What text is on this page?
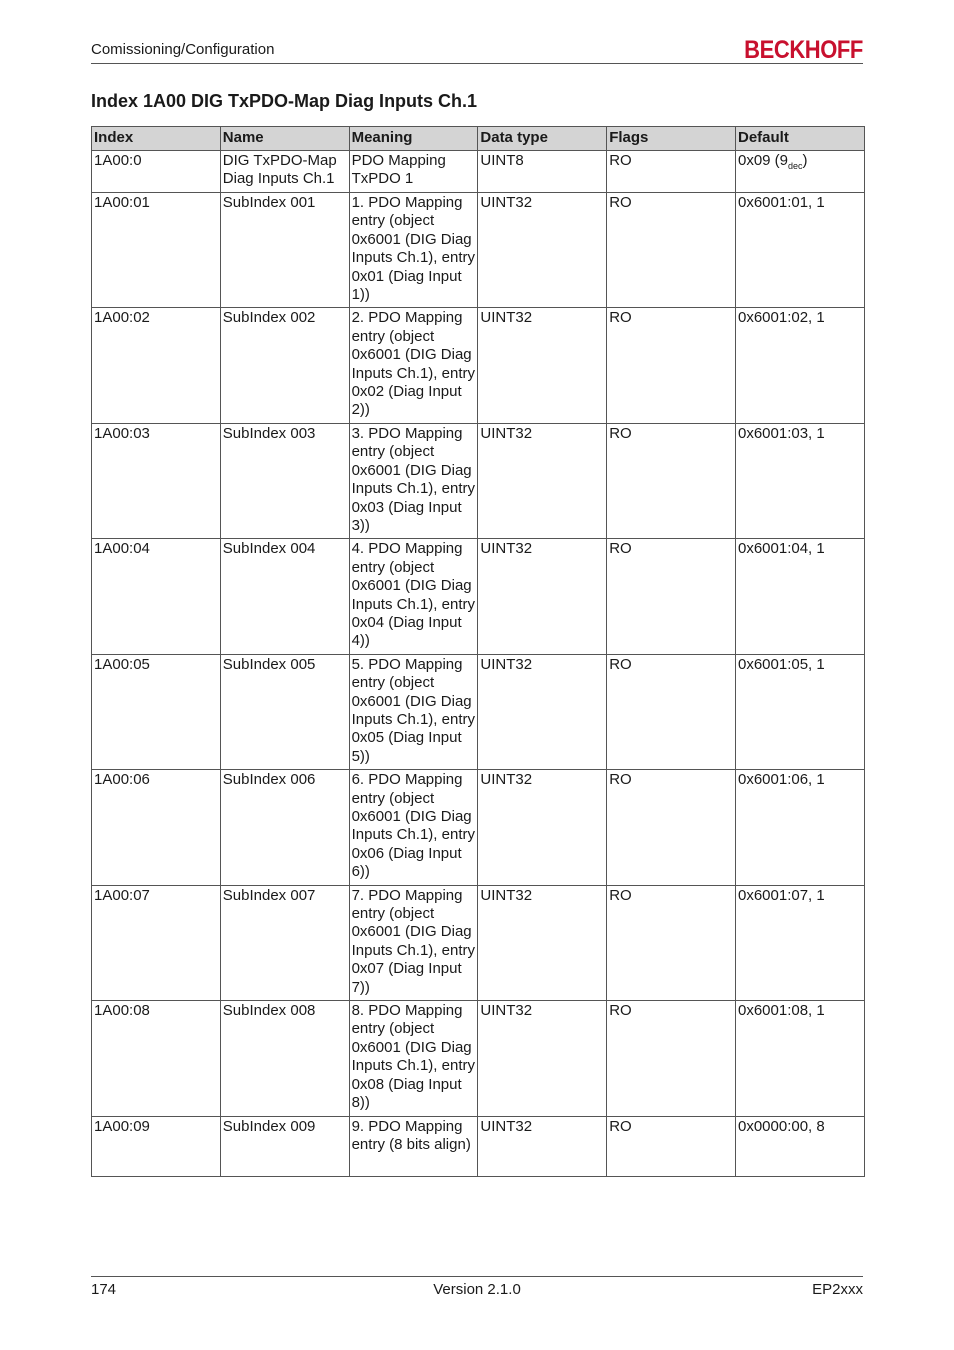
Comissioning/Configuration	BECKHOFF
Index 1A00 DIG TxPDO-Map Diag Inputs Ch.1
Index	Name	Meaning	Data type	Flags	Default
1A00:0	DIG TxPDO-Map Diag Inputs Ch.1	PDO Mapping TxPDO 1	UINT8	RO	0x09 $(9_{dec})$
1A00:01	SubIndex 001	1. PDO Mapping entry (object 0x6001 (DIG Diag Inputs Ch.1), entry 0x01 (Diag Input 1))	UINT32	RO	0x6001:01, 1
1A00:02	SubIndex 002	2. PDO Mapping entry (object 0x6001 (DIG Diag Inputs Ch.1), entry 0x02 (Diag Input 2))	UINT32	RO	0x6001:02, 1
1A00:03	SubIndex 003	3. PDO Mapping entry (object 0x6001 (DIG Diag Inputs Ch.1), entry 0x03 (Diag Input 3))	UINT32	RO	0x6001:03, 1
1A00:04	SubIndex 004	4. PDO Mapping entry (object 0x6001 (DIG Diag Inputs Ch.1), entry 0x04 (Diag Input 4))	UINT32	RO	0x6001:04, 1
1A00:05	SubIndex 005	5. PDO Mapping entry (object 0x6001 (DIG Diag Inputs Ch.1), entry 0x05 (Diag Input 5))	UINT32	RO	0x6001:05, 1
1A00:06	SubIndex 006	6. PDO Mapping entry (object 0x6001 (DIG Diag Inputs Ch.1), entry 0x06 (Diag Input 6))	UINT32	RO	0x6001:06, 1
1A00:07	SubIndex 007	7. PDO Mapping entry (object 0x6001 (DIG Diag Inputs Ch.1), entry 0x07 (Diag Input 7))	UINT32	RO	0x6001:07, 1
1A00:08	SubIndex 008	8. PDO Mapping entry (object 0x6001 (DIG Diag Inputs Ch.1), entry 0x08 (Diag Input 8))	UINT32	RO	0x6001:08, 1
1A00:09	SubIndex 009	9. PDO Mapping entry (8 bits align)	UINT32	RO	0x0000:00, 8
174	Version 2.1.0	EP2xxx
